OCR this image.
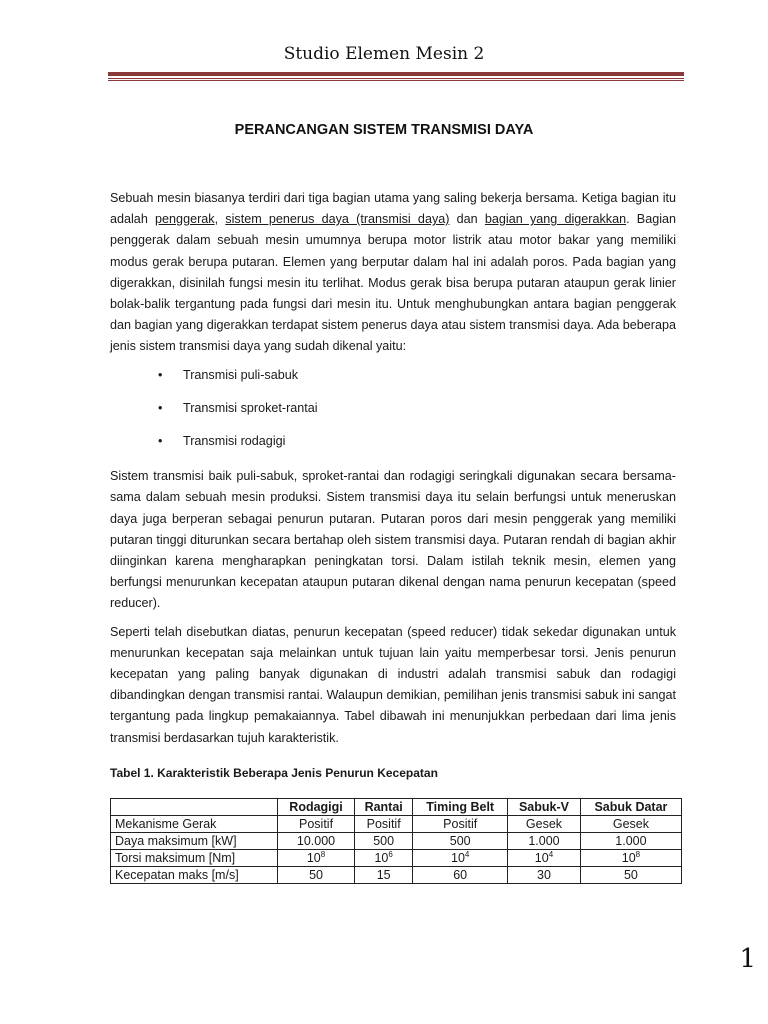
Studio Elemen Mesin 2
PERANCANGAN SISTEM TRANSMISI DAYA

Sebuah mesin biasanya terdiri dari tiga bagian utama yang saling bekerja bersama. Ketiga bagian itu adalah penggerak, sistem penerus daya (transmisi daya) dan bagian yang digerakkan. Bagian penggerak dalam sebuah mesin umumnya berupa motor listrik atau motor bakar yang memiliki modus gerak berupa putaran. Elemen yang berputar dalam hal ini adalah poros. Pada bagian yang digerakkan, disinilah fungsi mesin itu terlihat. Modus gerak bisa berupa putaran ataupun gerak linier bolak-balik tergantung pada fungsi dari mesin itu. Untuk menghubungkan antara bagian penggerak dan bagian yang digerakkan terdapat sistem penerus daya atau sistem transmisi daya. Ada beberapa jenis sistem transmisi daya yang sudah dikenal yaitu:

• Transmisi puli-sabuk
• Transmisi sproket-rantai
• Transmisi rodagigi

Sistem transmisi baik puli-sabuk, sproket-rantai dan rodagigi seringkali digunakan secara bersama-sama dalam sebuah mesin produksi. Sistem transmisi daya itu selain berfungsi untuk meneruskan daya juga berperan sebagai penurun putaran. Putaran poros dari mesin penggerak yang memiliki putaran tinggi diturunkan secara bertahap oleh sistem transmisi daya. Putaran rendah di bagian akhir diinginkan karena mengharapkan peningkatan torsi. Dalam istilah teknik mesin, elemen yang berfungsi menurunkan kecepatan ataupun putaran dikenal dengan nama penurun kecepatan (speed reducer).

Seperti telah disebutkan diatas, penurun kecepatan (speed reducer) tidak sekedar digunakan untuk menurunkan kecepatan saja melainkan untuk tujuan lain yaitu memperbesar torsi. Jenis penurun kecepatan yang paling banyak digunakan di industri adalah transmisi sabuk dan rodagigi dibandingkan dengan transmisi rantai. Walaupun demikian, pemilihan jenis transmisi sabuk ini sangat tergantung pada lingkup pemakaiannya. Tabel dibawah ini menunjukkan perbedaan dari lima jenis transmisi berdasarkan tujuh karakteristik.

Tabel 1. Karakteristik Beberapa Jenis Penurun Kecepatan
	Rodagigi	Rantai	Timing Belt	Sabuk-V	Sabuk Datar
Mekanisme Gerak	Positif	Positif	Positif	Gesek	Gesek
Daya maksimum [kW]	10.000	500	500	1.000	1.000
Torsi maksimum [Nm]	$10^8$	$10^6$	$10^4$	$10^4$	$10^8$
Kecepatan maks [m/s]	50	15	60	30	50
1
